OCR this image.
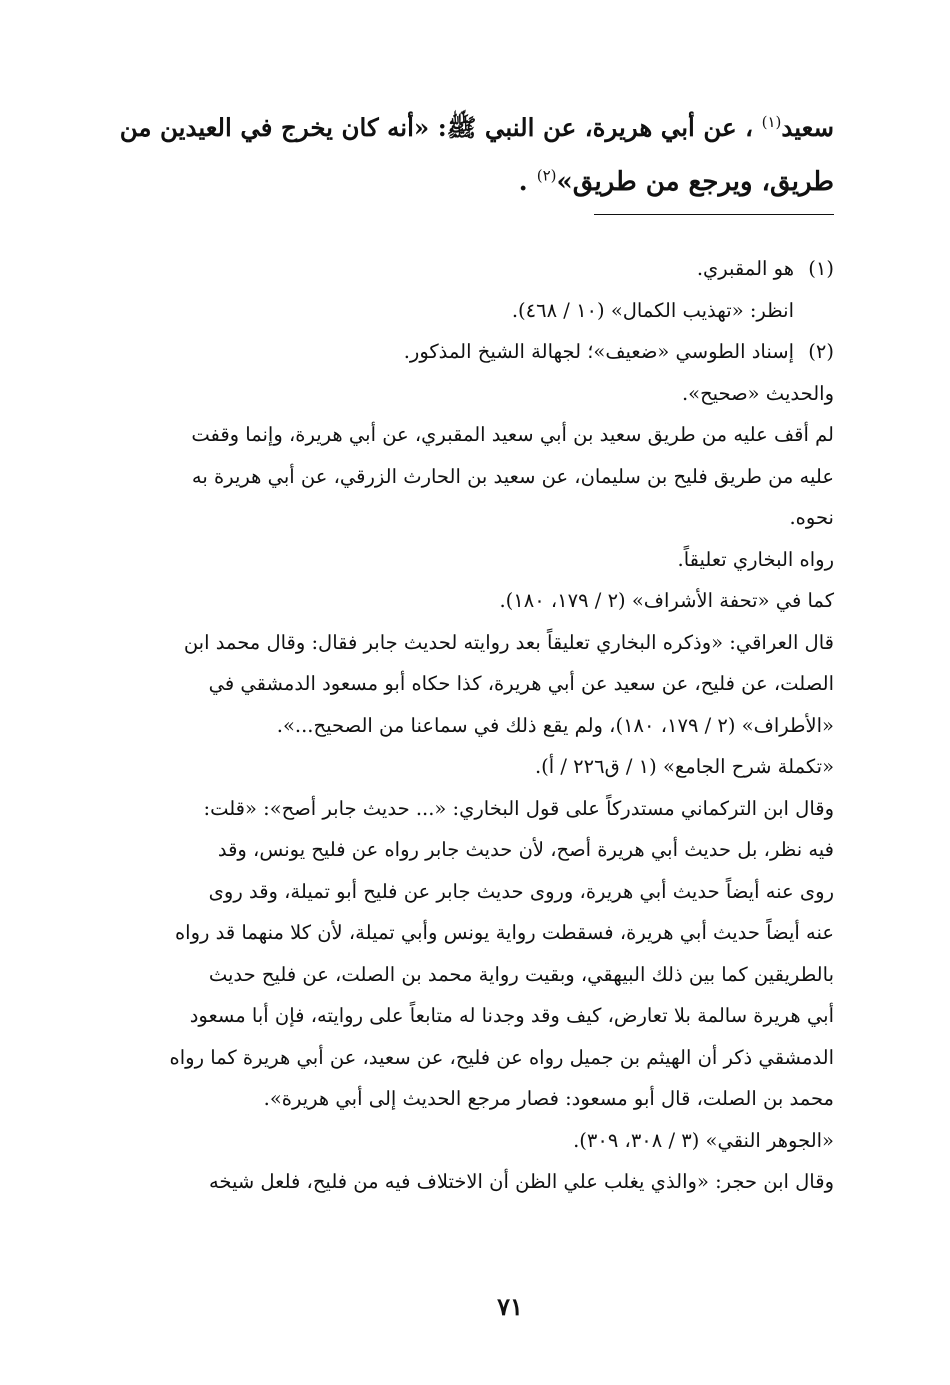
سعيد$^{(١)}$ ، عن أبي هريرة، عن النبي ﷺ: «أنه كان يخرج في العيدين من
طريق، ويرجع من طريق»$^{(٢)}$ .
(١)هو المقبري.
انظر: «تهذيب الكمال» (١٠ / ٤٦٨).
(٢)إسناد الطوسي «ضعيف»؛ لجهالة الشيخ المذكور.
والحديث «صحيح».
لم أقف عليه من طريق سعيد بن أبي سعيد المقبري، عن أبي هريرة، وإنما وقفت
عليه من طريق فليح بن سليمان، عن سعيد بن الحارث الزرقي، عن أبي هريرة به
نحوه.
رواه البخاري تعليقاً.
كما في «تحفة الأشراف» (٢ / ١٧٩، ١٨٠).
قال العراقي: «وذكره البخاري تعليقاً بعد روايته لحديث جابر فقال: وقال محمد ابن
الصلت، عن فليح، عن سعيد عن أبي هريرة، كذا حكاه أبو مسعود الدمشقي في
«الأطراف» (٢ / ١٧٩، ١٨٠)، ولم يقع ذلك في سماعنا من الصحيح...».
«تكملة شرح الجامع» (١ / ق٢٢٦ / أ).
وقال ابن التركماني مستدركاً على قول البخاري: «... حديث جابر أصح»: «قلت:
فيه نظر، بل حديث أبي هريرة أصح، لأن حديث جابر رواه عن فليح يونس، وقد
روى عنه أيضاً حديث أبي هريرة، وروى حديث جابر عن فليح أبو تميلة، وقد روى
عنه أيضاً حديث أبي هريرة، فسقطت رواية يونس وأبي تميلة، لأن كلا منهما قد رواه
بالطريقين كما بين ذلك البيهقي، وبقيت رواية محمد بن الصلت، عن فليح حديث
أبي هريرة سالمة بلا تعارض، كيف وقد وجدنا له متابعاً على روايته، فإن أبا مسعود
الدمشقي ذكر أن الهيثم بن جميل رواه عن فليح، عن سعيد، عن أبي هريرة كما رواه
محمد بن الصلت، قال أبو مسعود: فصار مرجع الحديث إلى أبي هريرة».
«الجوهر النقي» (٣ / ٣٠٨، ٣٠٩).
وقال ابن حجر: «والذي يغلب علي الظن أن الاختلاف فيه من فليح، فلعل شيخه
٧١
